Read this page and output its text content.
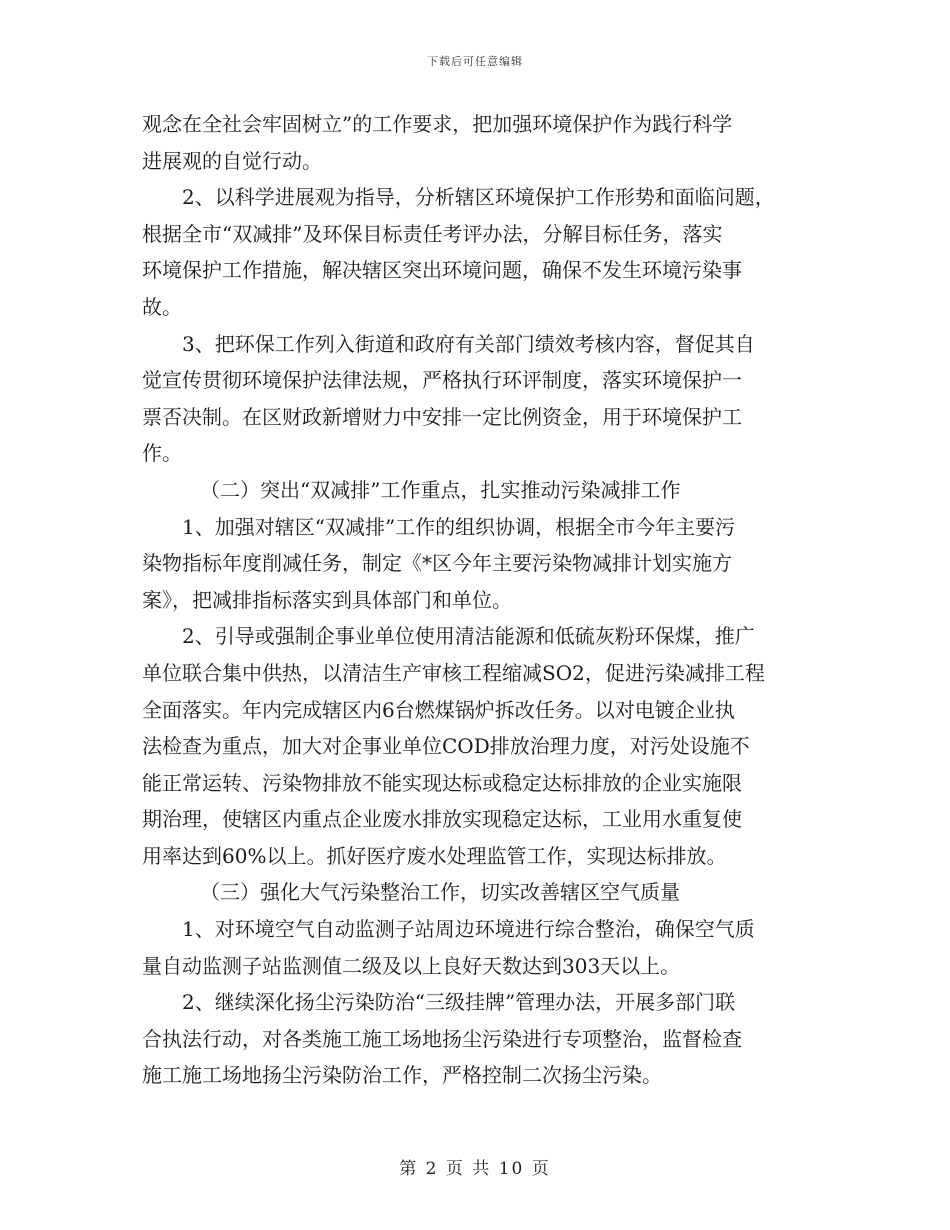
下载后可任意编辑
观念在全社会牢固树立”的工作要求，把加强环境保护作为践行科学
进展观的自觉行动。
2、以科学进展观为指导，分析辖区环境保护工作形势和面临问题，
根据全市“双减排”及环保目标责任考评办法，分解目标任务，落实
环境保护工作措施，解决辖区突出环境问题，确保不发生环境污染事
故。
3、把环保工作列入街道和政府有关部门绩效考核内容，督促其自
觉宣传贯彻环境保护法律法规，严格执行环评制度，落实环境保护一
票否决制。在区财政新增财力中安排一定比例资金，用于环境保护工
作。
（二）突出“双减排”工作重点，扎实推动污染减排工作
1、加强对辖区“双减排”工作的组织协调，根据全市今年主要污
染物指标年度削减任务，制定《*区今年主要污染物减排计划实施方
案》，把减排指标落实到具体部门和单位。
2、引导或强制企事业单位使用清洁能源和低硫灰粉环保煤，推广
单位联合集中供热，以清洁生产审核工程缩减SO2，促进污染减排工程
全面落实。年内完成辖区内6台燃煤锅炉拆改任务。以对电镀企业执
法检查为重点，加大对企事业单位COD排放治理力度，对污处设施不
能正常运转、污染物排放不能实现达标或稳定达标排放的企业实施限
期治理，使辖区内重点企业废水排放实现稳定达标，工业用水重复使
用率达到60%以上。抓好医疗废水处理监管工作，实现达标排放。
（三）强化大气污染整治工作，切实改善辖区空气质量
1、对环境空气自动监测子站周边环境进行综合整治，确保空气质
量自动监测子站监测值二级及以上良好天数达到303天以上。
2、继续深化扬尘污染防治“三级挂牌”管理办法，开展多部门联
合执法行动，对各类施工施工场地扬尘污染进行专项整治，监督检查
施工施工场地扬尘污染防治工作，严格控制二次扬尘污染。
第 2 页 共 10 页
